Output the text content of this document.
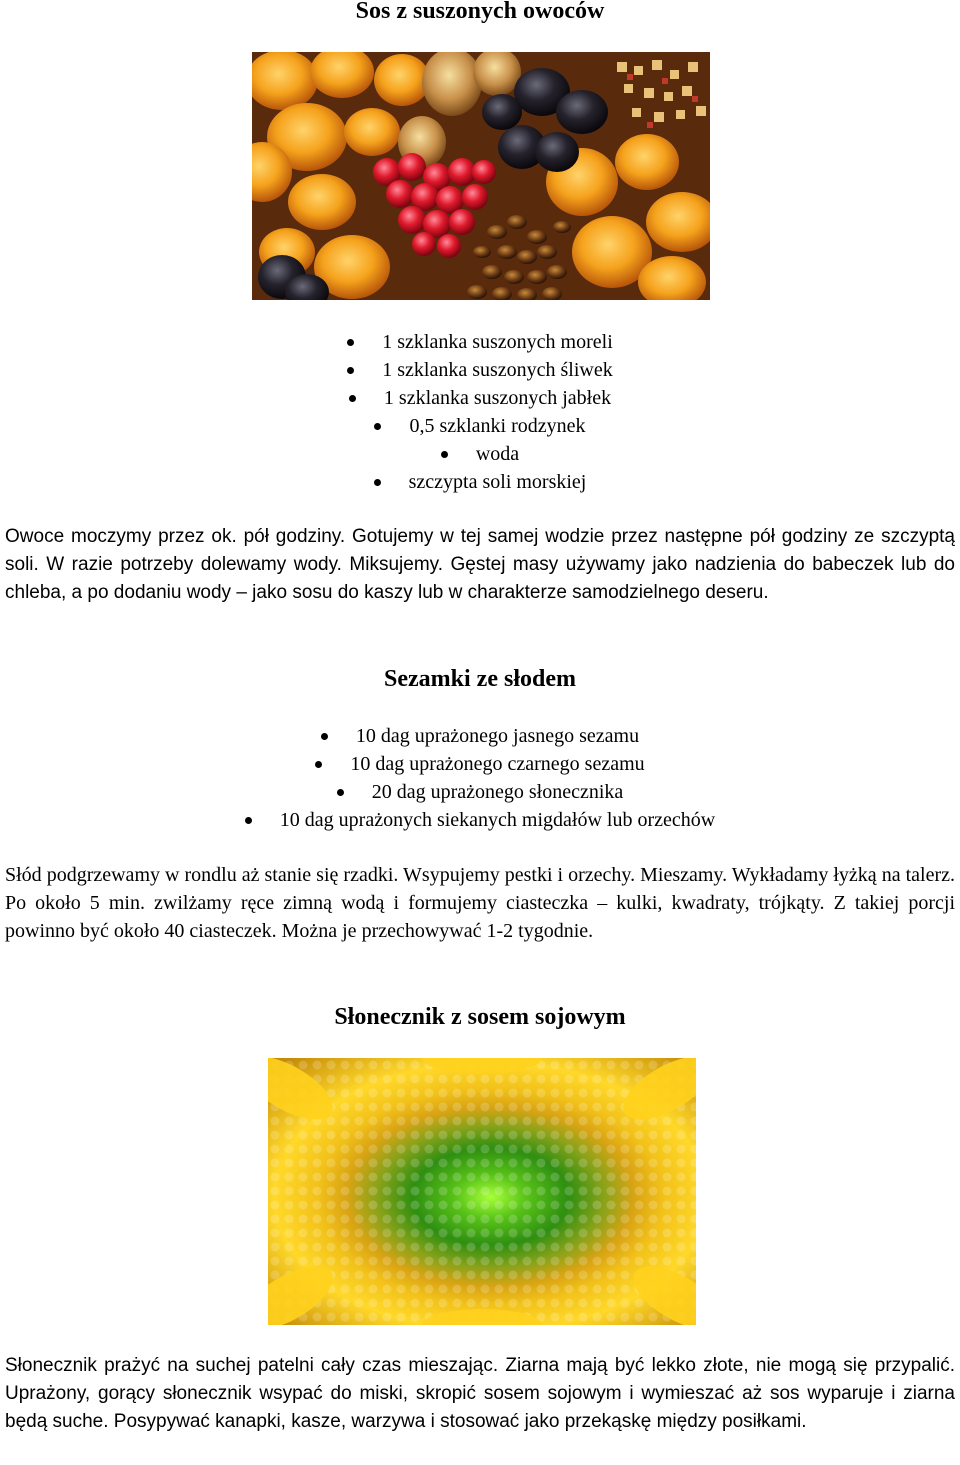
Sos z suszonych owoców
1 szklanka suszonych moreli
1 szklanka suszonych śliwek
1 szklanka suszonych jabłek
0,5 szklanki rodzynek
woda
szczypta soli morskiej

Owoce moczymy przez ok. pół godziny. Gotujemy w tej samej wodzie przez następne pół godziny ze szczyptą soli. W razie potrzeby dolewamy wody. Miksujemy. Gęstej masy używamy jako nadzienia do babeczek lub do chleba, a po dodaniu wody – jako sosu do kaszy lub w charakterze samodzielnego deseru.

Sezamki ze słodem
10 dag uprażonego jasnego sezamu
10 dag uprażonego czarnego sezamu
20 dag uprażonego słonecznika
10 dag uprażonych siekanych migdałów lub orzechów

Słód podgrzewamy w rondlu aż stanie się rzadki. Wsypujemy pestki i orzechy. Mieszamy. Wykładamy łyżką na talerz. Po około 5 min. zwilżamy ręce zimną wodą i formujemy ciasteczka – kulki, kwadraty, trójkąty. Z takiej porcji powinno być około 40 ciasteczek. Można je przechowywać 1-2 tygodnie.

Słonecznik z sosem sojowym

Słonecznik prażyć na suchej patelni cały czas mieszając. Ziarna mają być lekko złote, nie mogą się przypalić. Uprażony, gorący słonecznik wsypać do miski, skropić sosem sojowym i wymieszać aż sos wyparuje i ziarna będą suche. Posypywać kanapki, kasze, warzywa i stosować jako przekąskę między posiłkami.
